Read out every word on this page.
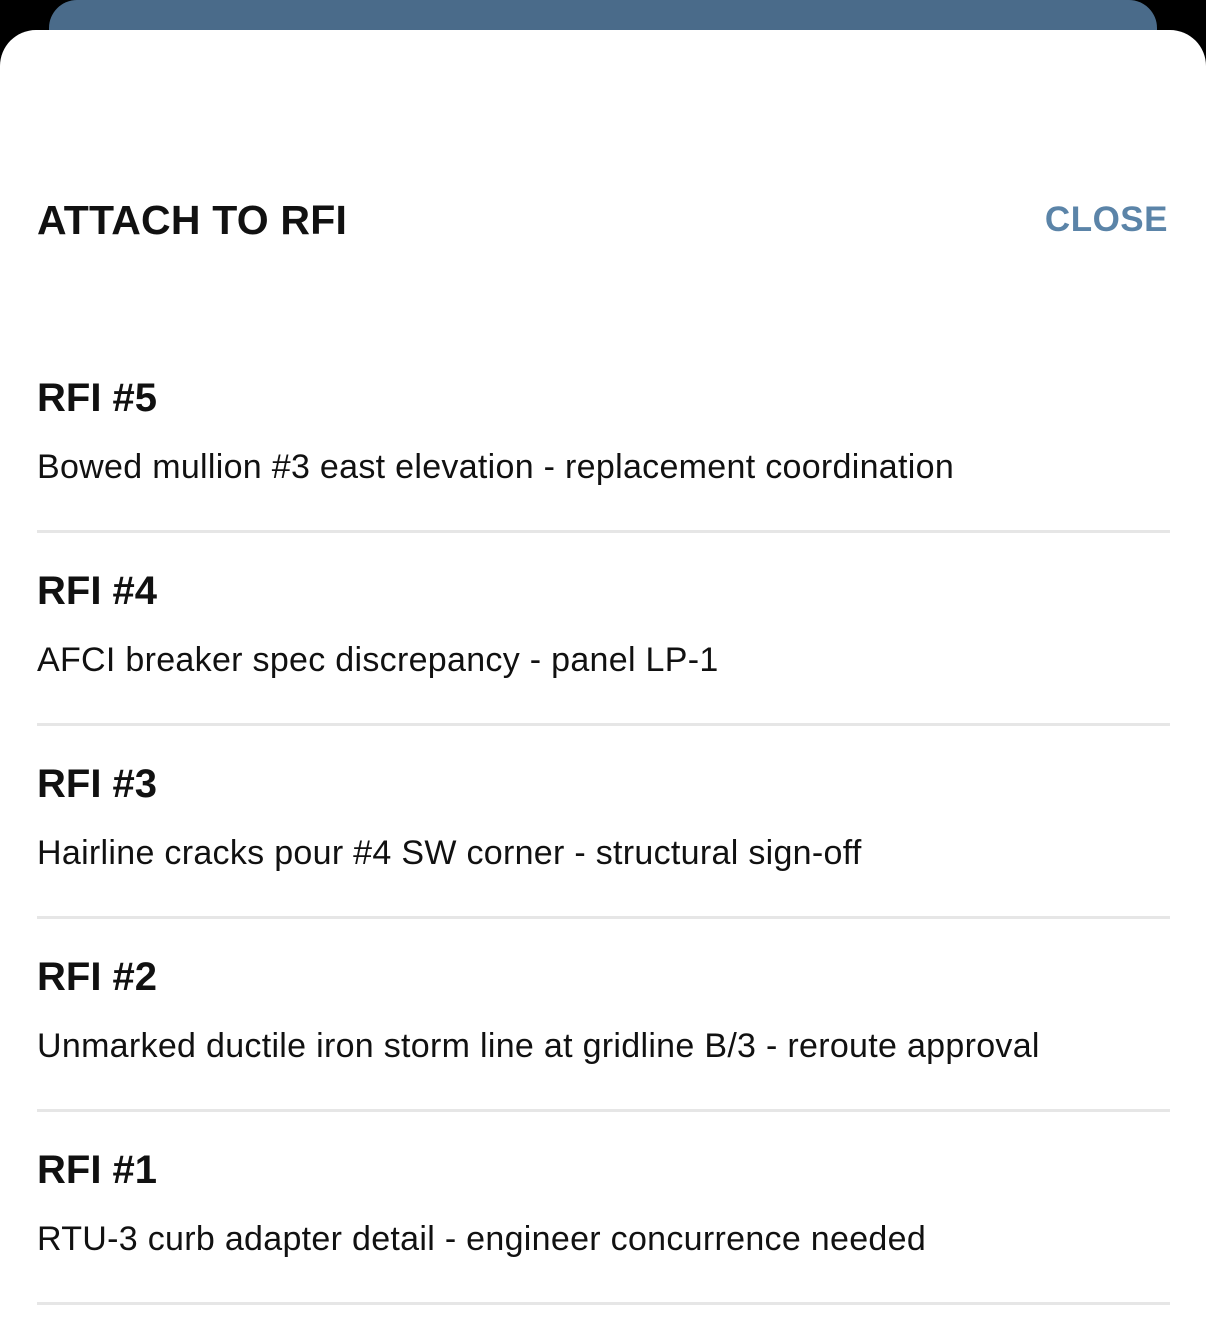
ATTACH TO RFI	CLOSE
RFI #5
Bowed mullion #3 east elevation - replacement coordination
RFI #4
AFCI breaker spec discrepancy - panel LP-1
RFI #3
Hairline cracks pour #4 SW corner - structural sign-off
RFI #2
Unmarked ductile iron storm line at gridline B/3 - reroute approval
RFI #1
RTU-3 curb adapter detail - engineer concurrence needed
